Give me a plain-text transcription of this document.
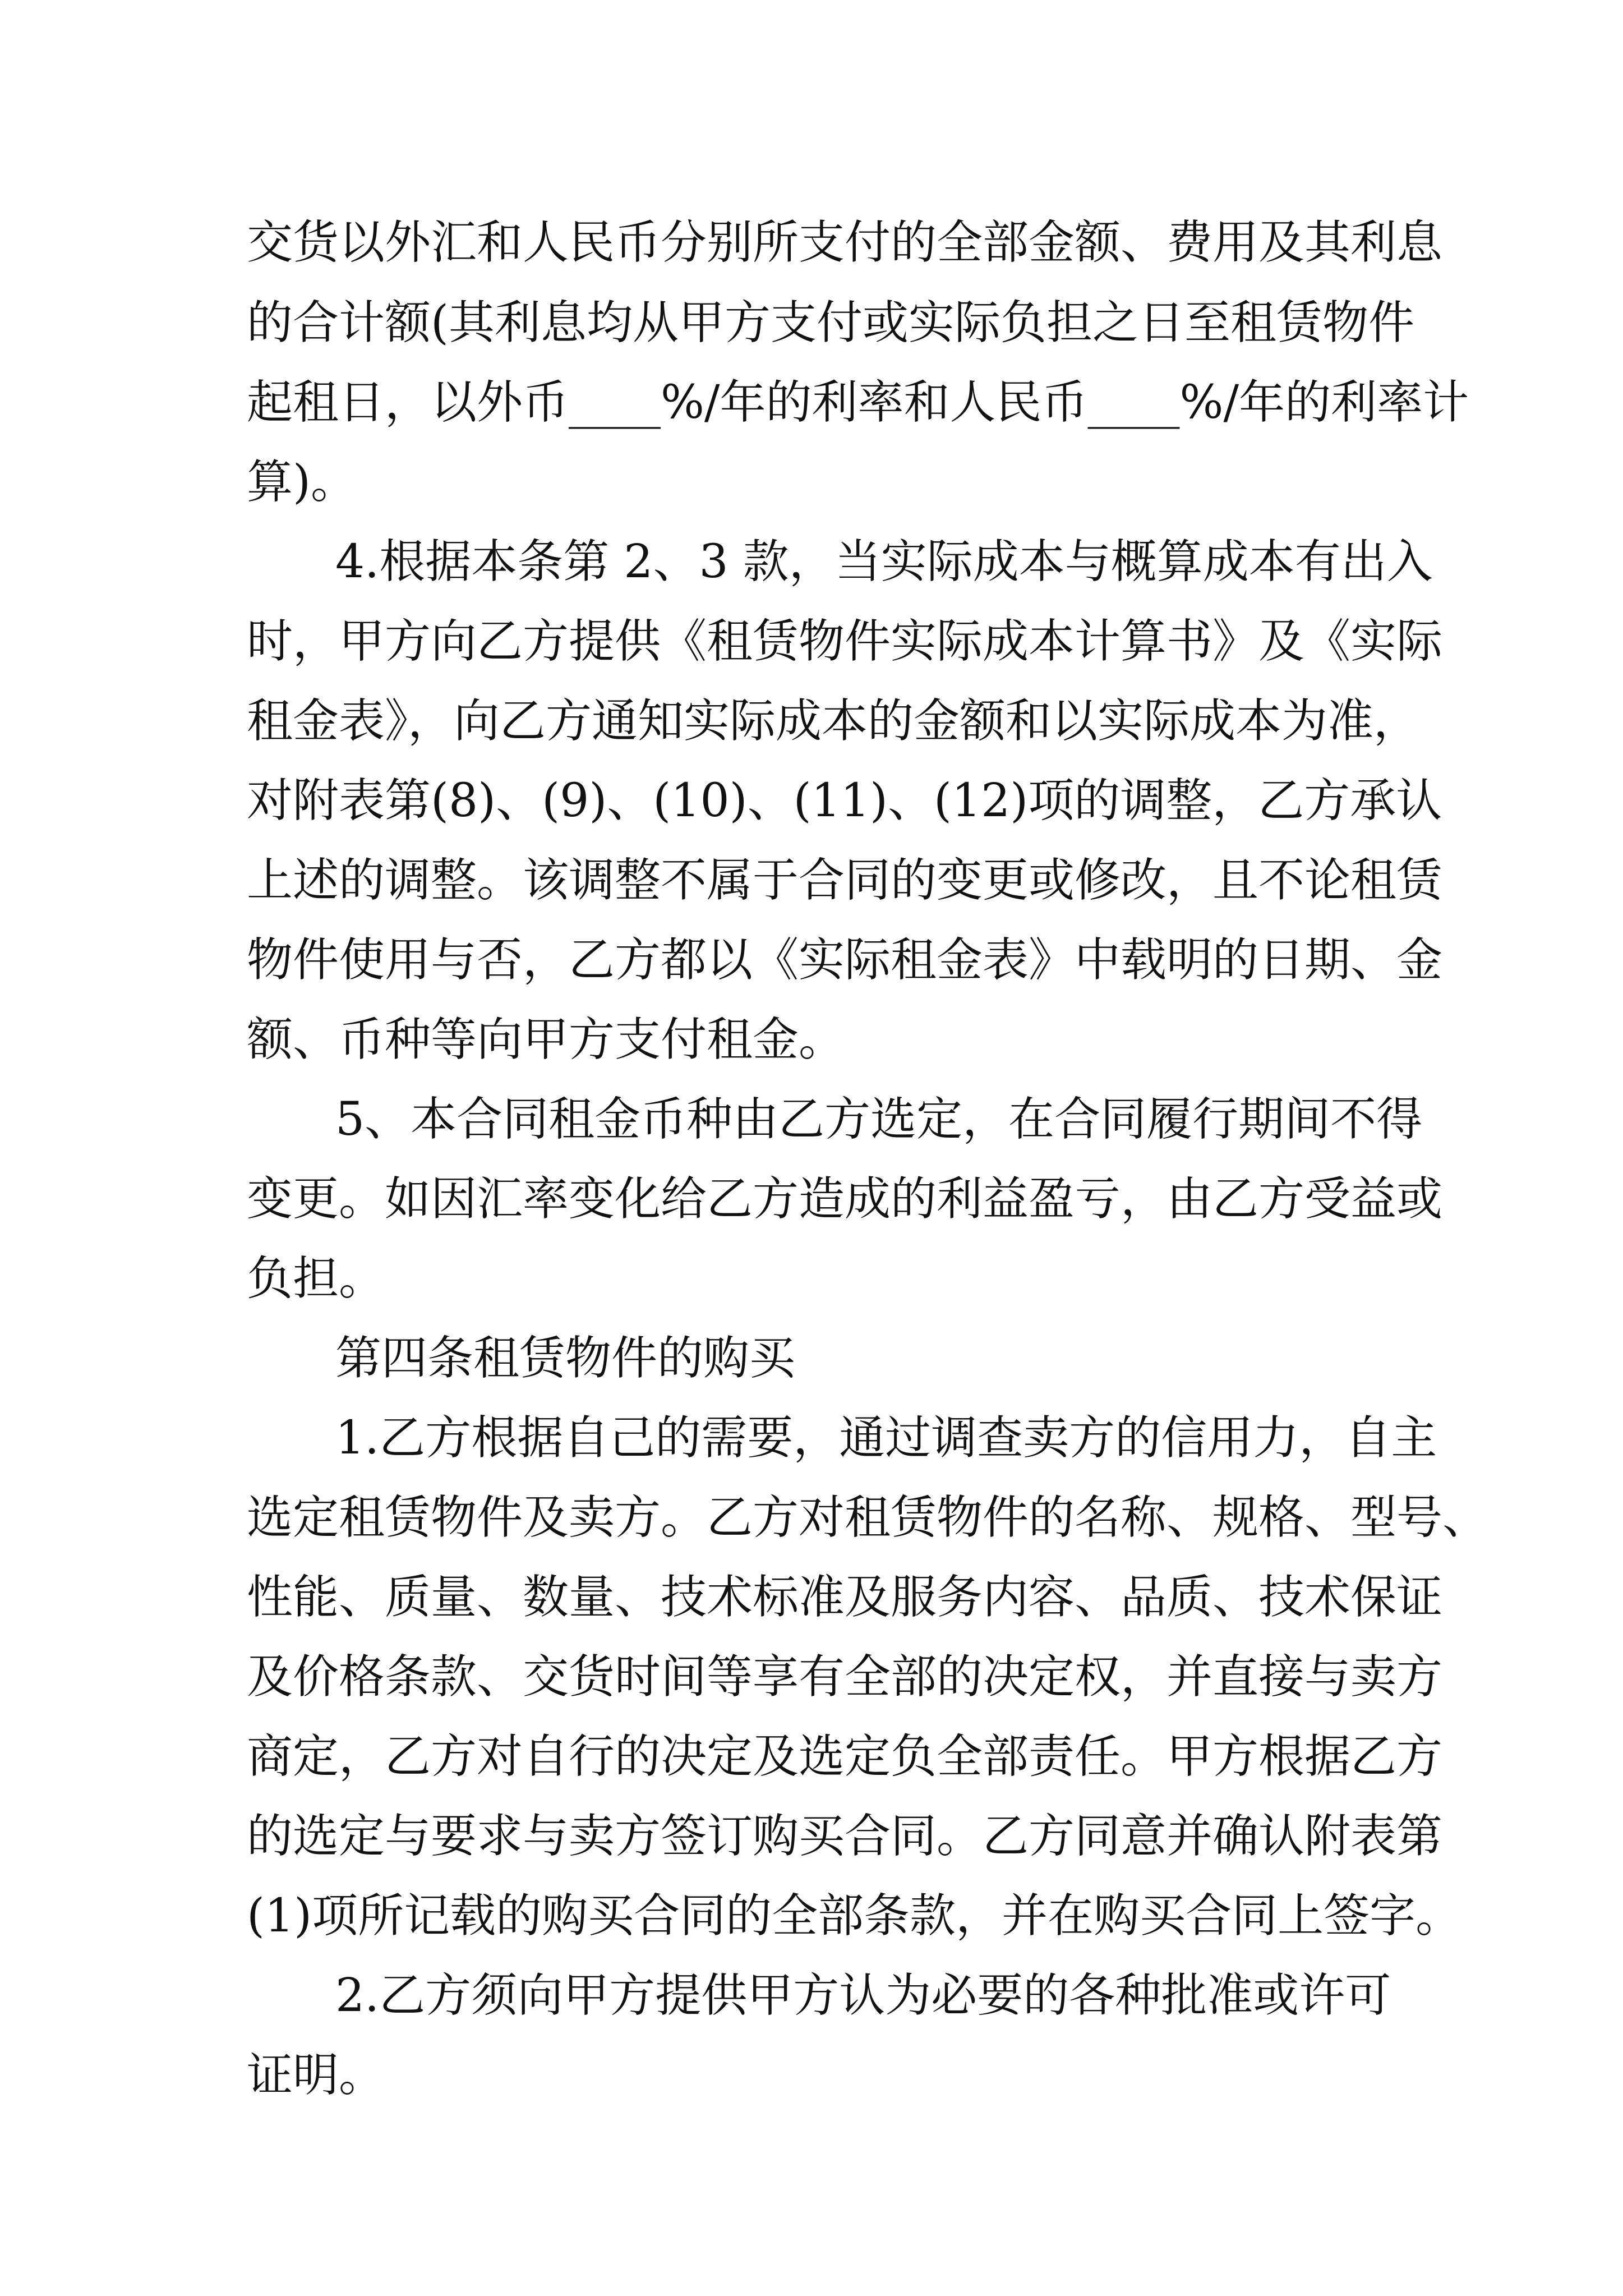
交货以外汇和人民币分别所支付的全部金额、费用及其利息
的合计额(其利息均从甲方支付或实际负担之日至租赁物件
起租日，以外币____%/年的利率和人民币____%/年的利率计
算)。
4.根据本条第 2、3 款，当实际成本与概算成本有出入
时，甲方向乙方提供《租赁物件实际成本计算书》及《实际
租金表》，向乙方通知实际成本的金额和以实际成本为准，
对附表第(8)、(9)、(10)、(11)、(12)项的调整，乙方承认
上述的调整。该调整不属于合同的变更或修改，且不论租赁
物件使用与否，乙方都以《实际租金表》中载明的日期、金
额、币种等向甲方支付租金。
5、本合同租金币种由乙方选定，在合同履行期间不得
变更。如因汇率变化给乙方造成的利益盈亏，由乙方受益或
负担。
第四条租赁物件的购买
1.乙方根据自己的需要，通过调查卖方的信用力，自主
选定租赁物件及卖方。乙方对租赁物件的名称、规格、型号、
性能、质量、数量、技术标准及服务内容、品质、技术保证
及价格条款、交货时间等享有全部的决定权，并直接与卖方
商定，乙方对自行的决定及选定负全部责任。甲方根据乙方
的选定与要求与卖方签订购买合同。乙方同意并确认附表第
(1)项所记载的购买合同的全部条款，并在购买合同上签字。
2.乙方须向甲方提供甲方认为必要的各种批准或许可
证明。
